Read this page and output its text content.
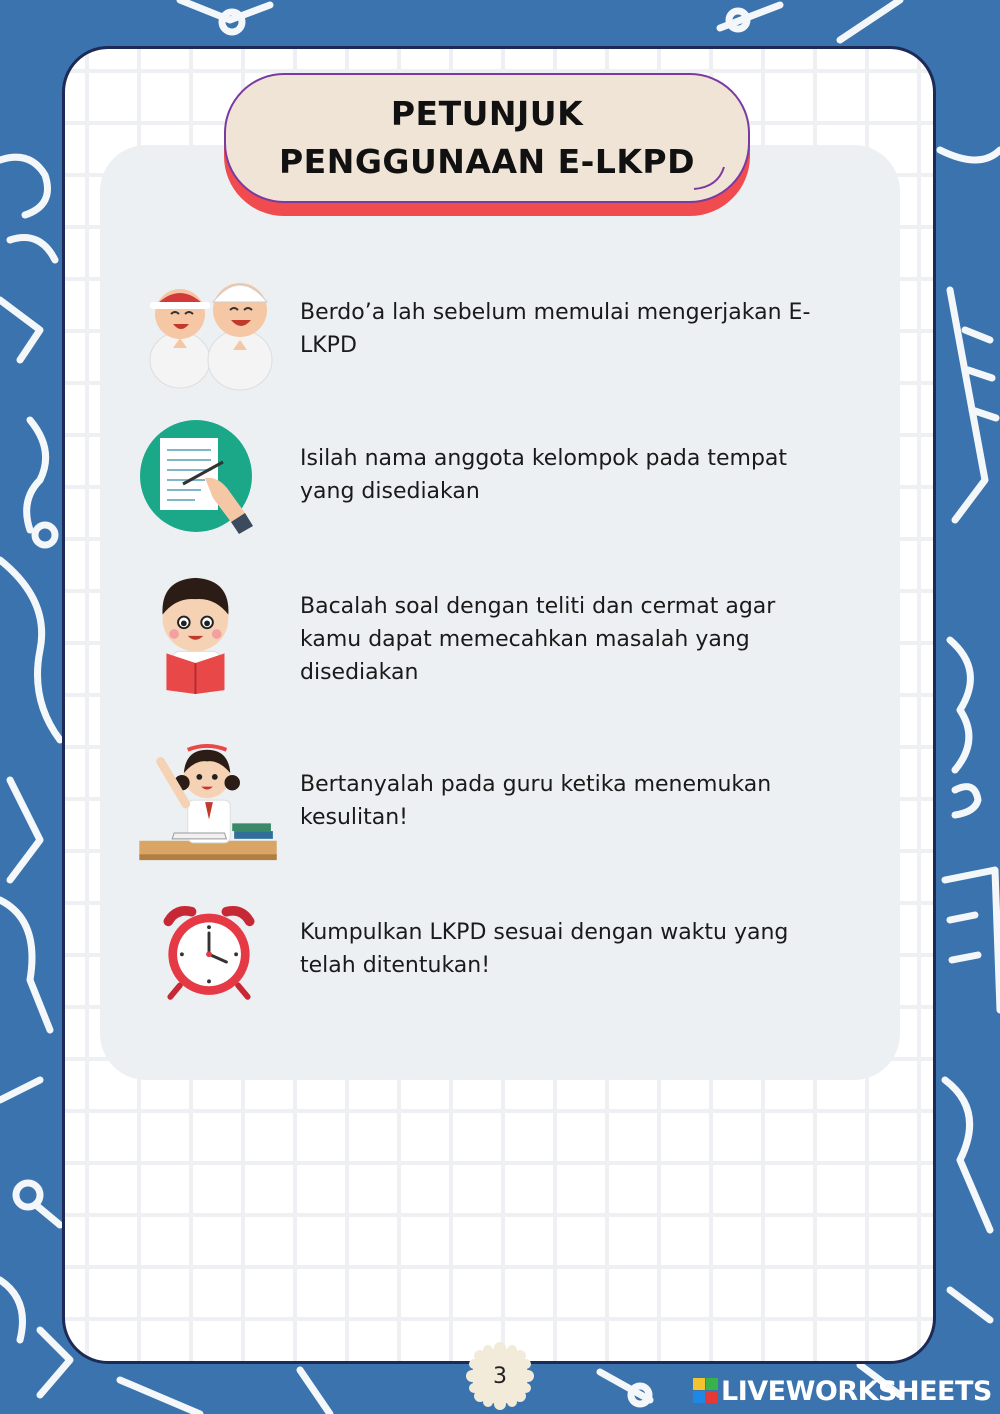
PETUNJUK
PENGGUNAAN E-LKPD
Berdo’a lah sebelum memulai mengerjakan E-LKPD
Isilah nama anggota kelompok pada tempat yang disediakan
Bacalah soal dengan teliti dan cermat agar kamu dapat memecahkan masalah yang disediakan
Bertanyalah pada guru ketika menemukan kesulitan!
Kumpulkan LKPD sesuai dengan waktu yang telah ditentukan!
3	LIVEWORKSHEETS
